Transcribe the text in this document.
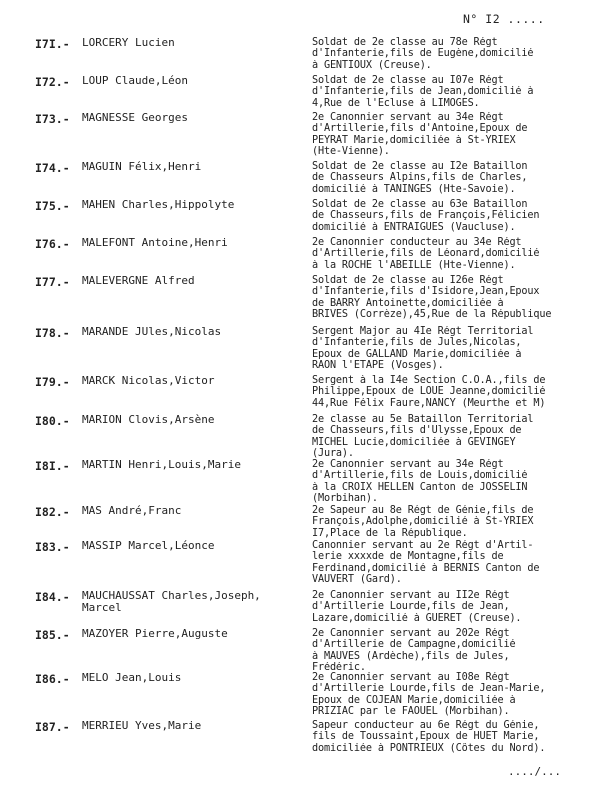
N° I2 .....
I7I.- LORCERY Lucien	Soldat de 2e classe au 78e Régt
d'Infanterie,fils de Eugène,domicilié
à GENTIOUX (Creuse).
I72.- LOUP Claude,Léon	Soldat de 2e classe au I07e Régt
d'Infanterie,fils de Jean,domicilié à
4,Rue de l'Ecluse à LIMOGES.
I73.- MAGNESSE Georges	2e Canonnier servant au 34e Régt
d'Artillerie,fils d'Antoine,Epoux de
PEYRAT Marie,domiciliée à St-YRIEX
(Hte-Vienne).
I74.- MAGUIN Félix,Henri	Soldat de 2e classe au I2e Bataillon
de Chasseurs Alpins,fils de Charles,
domicilié à TANINGES (Hte-Savoie).
I75.- MAHEN Charles,Hippolyte	Soldat de 2e classe au 63e Bataillon
de Chasseurs,fils de François,Félicien
domicilié à ENTRAIGUES (Vaucluse).
I76.- MALEFONT Antoine,Henri	2e Canonnier conducteur au 34e Régt
d'Artillerie,fils de Léonard,domicilié
à la ROCHE l'ABEILLE (Hte-Vienne).
I77.- MALEVERGNE Alfred	Soldat de 2e classe au I26e Régt
d'Infanterie,fils d'Isidore,Jean,Epoux
de BARRY Antoinette,domiciliée à
BRIVES (Corrèze),45,Rue de la République
I78.- MARANDE JUles,Nicolas	Sergent Major au 4Ie Régt Territorial
d'Infanterie,fils de Jules,Nicolas,
Epoux de GALLAND Marie,domiciliée à
RAON l'ETAPE (Vosges).
I79.- MARCK Nicolas,Victor	Sergent à la I4e Section C.O.A.,fils de
Philippe,Epoux de LOUE Jeanne,domicilié
44,Rue Félix Faure,NANCY (Meurthe et M)
I80.- MARION Clovis,Arsène	2e classe au 5e Bataillon Territorial
de Chasseurs,fils d'Ulysse,Epoux de
MICHEL Lucie,domiciliée à GEVINGEY
(Jura).
I8I.- MARTIN Henri,Louis,Marie	2e Canonnier servant au 34e Régt
d'Artillerie,fils de Louis,domicilié
à la CROIX HELLEN Canton de JOSSELIN
(Morbihan).
I82.- MAS André,Franc	2e Sapeur au 8e Régt de Génie,fils de
François,Adolphe,domicilié à St-YRIEX
I7,Place de la République.
I83.- MASSIP Marcel,Léonce	Canonnier servant au 2e Régt d'Artil-
lerie xxxxde de Montagne,fils de
Ferdinand,domicilié à BERNIS Canton de
VAUVERT (Gard).
I84.- MAUCHAUSSAT Charles,Joseph,
Marcel
2e Canonnier servant au II2e Régt
d'Artillerie Lourde,fils de Jean,
Lazare,domicilié à GUERET (Creuse).
I85.- MAZOYER Pierre,Auguste	2e Canonnier servant au 202e Régt
d'Artillerie de Campagne,domicilié
à MAUVES (Ardèche),fils de Jules,
Frédéric.
I86.- MELO Jean,Louis	2e Canonnier servant au I08e Régt
d'Artillerie Lourde,fils de Jean-Marie,
Epoux de COJEAN Marie,domiciliée à
PRIZIAC par le FAOUEL (Morbihan).
I87.- MERRIEU Yves,Marie	Sapeur conducteur au 6e Régt du Génie,
fils de Toussaint,Epoux de HUET Marie,
domiciliée à PONTRIEUX (Côtes du Nord).
..../...
